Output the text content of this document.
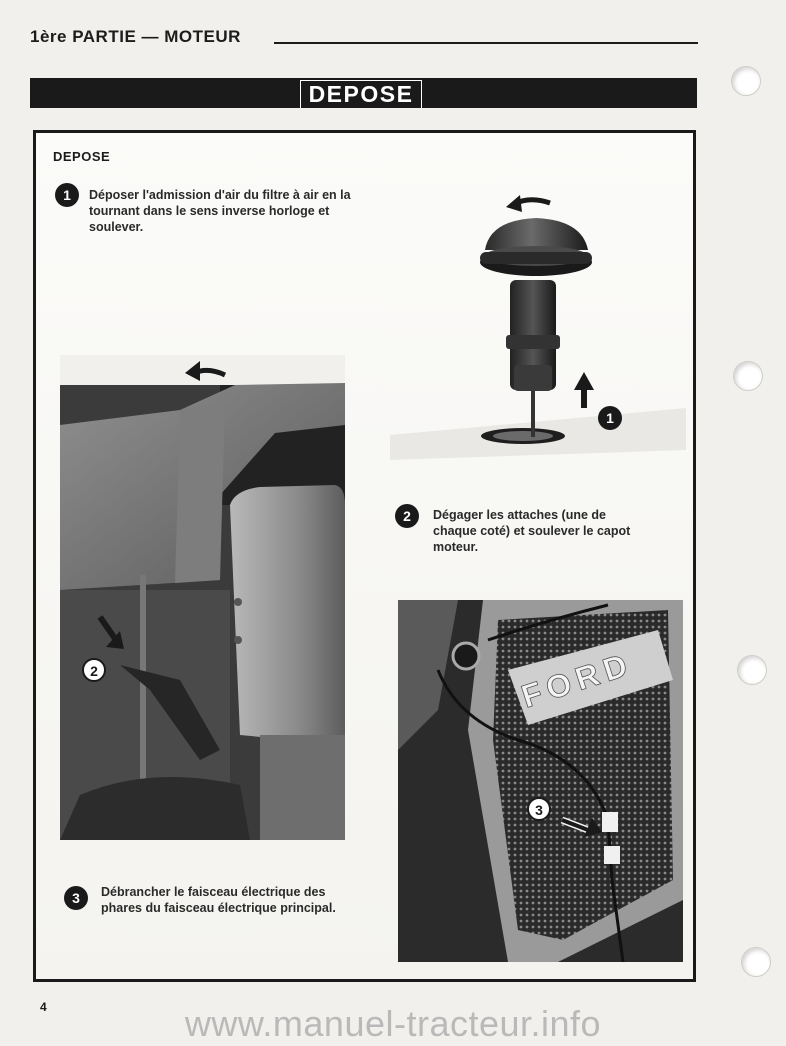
1ère PARTIE — MOTEUR
DEPOSE
DEPOSE
1	Déposer l'admission d'air du filtre à air en la tournant dans le sens inverse horloge et soulever.
2	Dégager les attaches (une de chaque coté) et soulever le capot moteur.
3	Débrancher le faisceau électrique des phares du faisceau électrique principal.
1
2	FORD
3
4	www.manuel-tracteur.info
